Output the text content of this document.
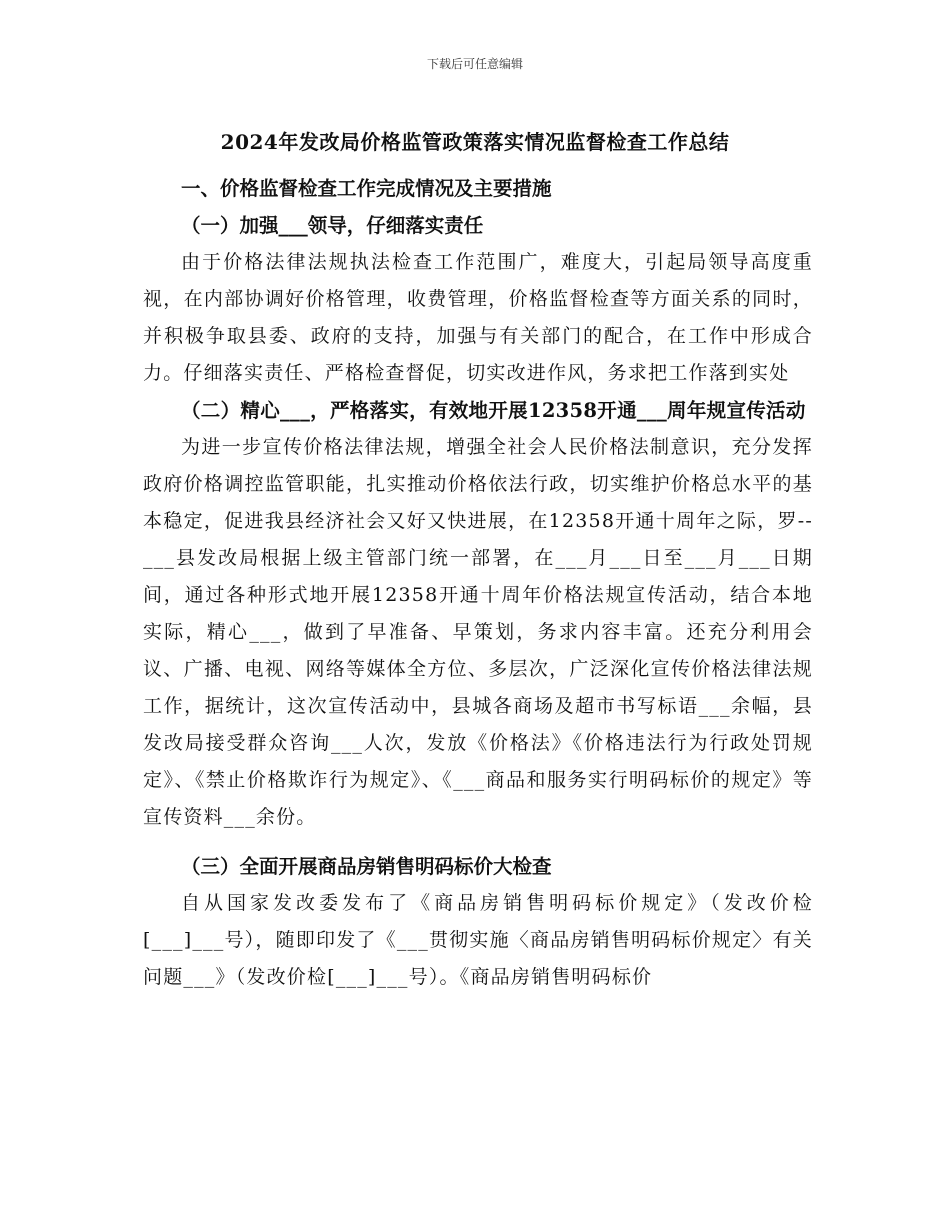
下载后可任意编辑
2024年发改局价格监管政策落实情况监督检查工作总结
一、价格监督检查工作完成情况及主要措施
（一）加强___领导，仔细落实责任

由于价格法律法规执法检查工作范围广，难度大，引起局领导高度重视，在内部协调好价格管理，收费管理，价格监督检查等方面关系的同时，并积极争取县委、政府的支持，加强与有关部门的配合，在工作中形成合力。仔细落实责任、严格检查督促，切实改进作风，务求把工作落到实处

（二）精心___，严格落实，有效地开展12358开通___周年规宣传活动

为进一步宣传价格法律法规，增强全社会人民价格法制意识，充分发挥政府价格调控监管职能，扎实推动价格依法行政，切实维护价格总水平的基本稳定，促进我县经济社会又好又快进展，在12358开通十周年之际，罗--___县发改局根据上级主管部门统一部署，在___月___日至___月___日期间，通过各种形式地开展12358开通十周年价格法规宣传活动，结合本地实际，精心___，做到了早准备、早策划，务求内容丰富。还充分利用会议、广播、电视、网络等媒体全方位、多层次，广泛深化宣传价格法律法规工作，据统计，这次宣传活动中，县城各商场及超市书写标语___余幅，县发改局接受群众咨询___人次，发放《价格法》《价格违法行为行政处罚规定》、《禁止价格欺诈行为规定》、《___商品和服务实行明码标价的规定》等宣传资料___余份。

（三）全面开展商品房销售明码标价大检查

自从国家发改委发布了《商品房销售明码标价规定》（发改价检[___]___号），随即印发了《___贯彻实施〈商品房销售明码标价规定〉有关问题___》（发改价检[___]___号）。《商品房销售明码标价
